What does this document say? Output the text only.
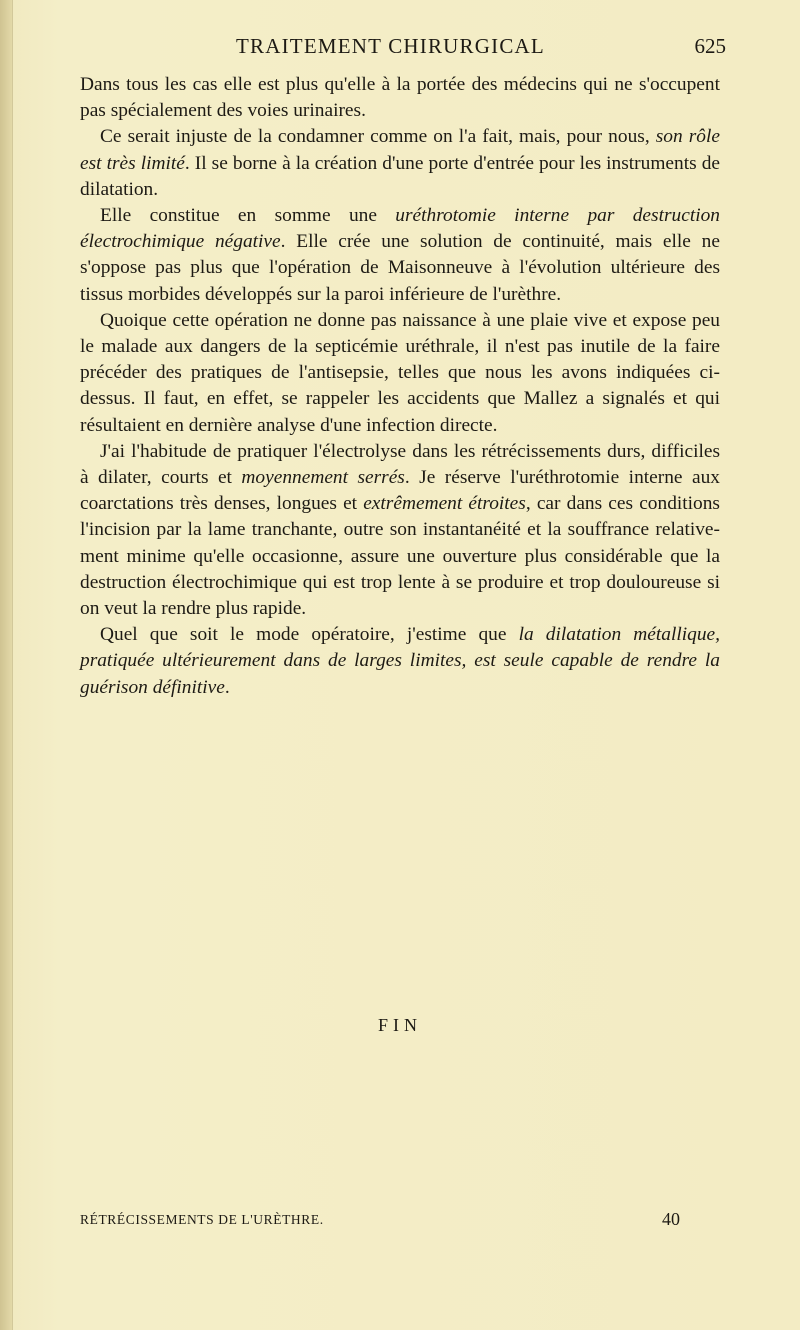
TRAITEMENT CHIRURGICAL	625

Dans tous les cas elle est plus qu'elle à la portée des médecins qui ne s'occupent pas spécialement des voies urinaires.

Ce serait injuste de la condamner comme on l'a fait, mais, pour nous, son rôle est très limité. Il se borne à la création d'une porte d'entrée pour les instruments de dilatation.

Elle constitue en somme une uréthrotomie interne par destruction électrochimique négative. Elle crée une solution de continuité, mais elle ne s'oppose pas plus que l'opération de Maisonneuve à l'évolution ultérieure des tissus morbides développés sur la paroi inférieure de l'urèthre.

Quoique cette opération ne donne pas naissance à une plaie vive et expose peu le malade aux dangers de la septicémie uréthrale, il n'est pas inutile de la faire précéder des pratiques de l'antisepsie, telles que nous les avons indiquées ci-dessus. Il faut, en effet, se rappeler les accidents que Mallez a signalés et qui résultaient en dernière analyse d'une infection directe.

J'ai l'habitude de pratiquer l'électrolyse dans les rétrécissements durs, difficiles à dilater, courts et moyennement serrés. Je réserve l'uréthrotomie interne aux coarctations très denses, longues et extrêmement étroites, car dans ces conditions l'incision par la lame tranchante, outre son instantanéité et la souffrance relativement minime qu'elle occasionne, assure une ouverture plus considérable que la destruction électrochimique qui est trop lente à se produire et trop douloureuse si on veut la rendre plus rapide.

Quel que soit le mode opératoire, j'estime que la dilatation métallique, pratiquée ultérieurement dans de larges limites, est seule capable de rendre la guérison définitive.

FIN
RÉTRÉCISSEMENTS DE L'URÈTHRE.	40
